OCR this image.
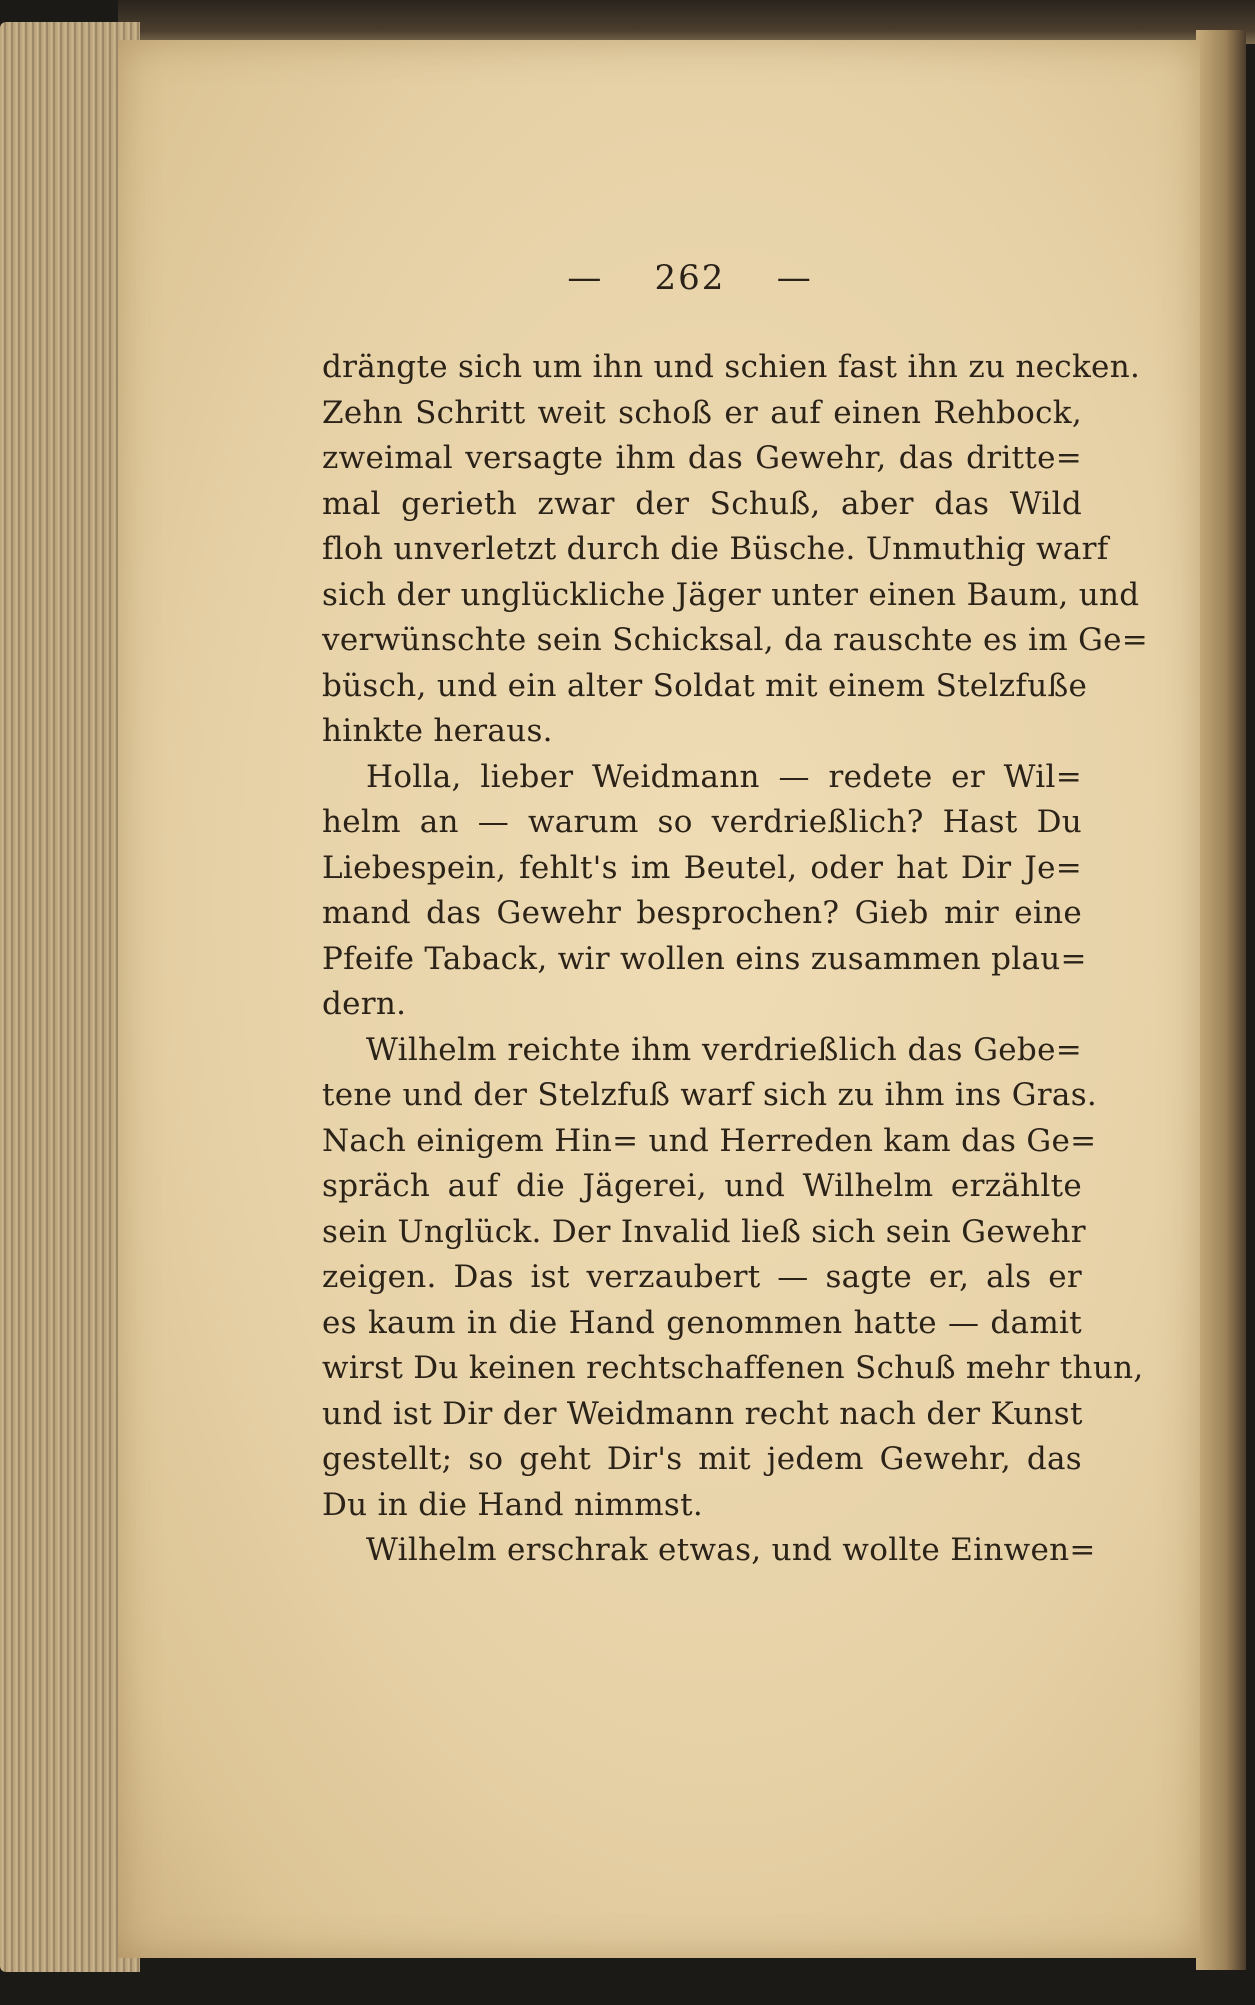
— 262 —
drängte sich um ihn und schien fast ihn zu necken.
Zehn Schritt weit schoß er auf einen Rehbock,
zweimal versagte ihm das Gewehr, das dritte=
mal gerieth zwar der Schuß, aber das Wild
floh unverletzt durch die Büsche. Unmuthig warf
sich der unglückliche Jäger unter einen Baum, und
verwünschte sein Schicksal, da rauschte es im Ge=
büsch, und ein alter Soldat mit einem Stelzfuße
hinkte heraus.
Holla, lieber Weidmann — redete er Wil=
helm an — warum so verdrießlich? Hast Du
Liebespein, fehlt's im Beutel, oder hat Dir Je=
mand das Gewehr besprochen? Gieb mir eine
Pfeife Taback, wir wollen eins zusammen plau=
dern.
Wilhelm reichte ihm verdrießlich das Gebe=
tene und der Stelzfuß warf sich zu ihm ins Gras.
Nach einigem Hin= und Herreden kam das Ge=
spräch auf die Jägerei, und Wilhelm erzählte
sein Unglück. Der Invalid ließ sich sein Gewehr
zeigen. Das ist verzaubert — sagte er, als er
es kaum in die Hand genommen hatte — damit
wirst Du keinen rechtschaffenen Schuß mehr thun,
und ist Dir der Weidmann recht nach der Kunst
gestellt; so geht Dir's mit jedem Gewehr, das
Du in die Hand nimmst.
Wilhelm erschrak etwas, und wollte Einwen=
